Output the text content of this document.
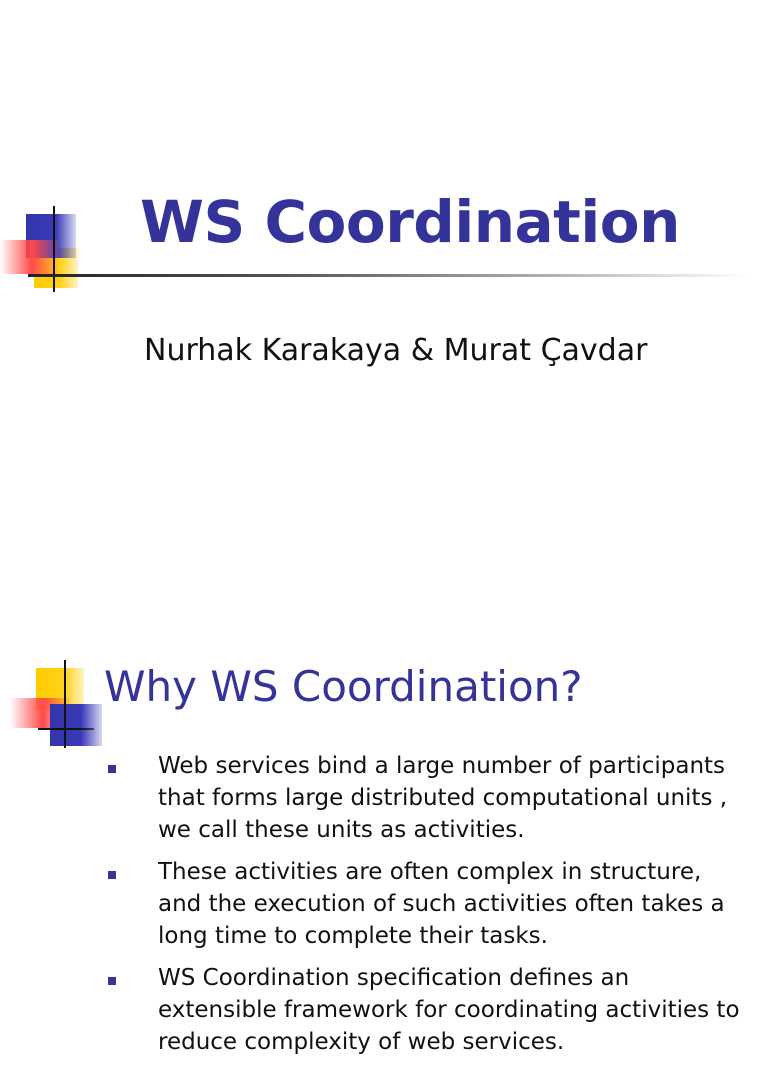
WS Coordination
Nurhak Karakaya & Murat Çavdar
Why WS Coordination?
Web services bind a large number of participants that forms large distributed computational units , we call these units as activities.
These activities are often complex in structure, and the execution of such activities often takes a long time to complete their tasks.
WS Coordination specification defines an extensible framework for coordinating activities to reduce complexity of web services.
